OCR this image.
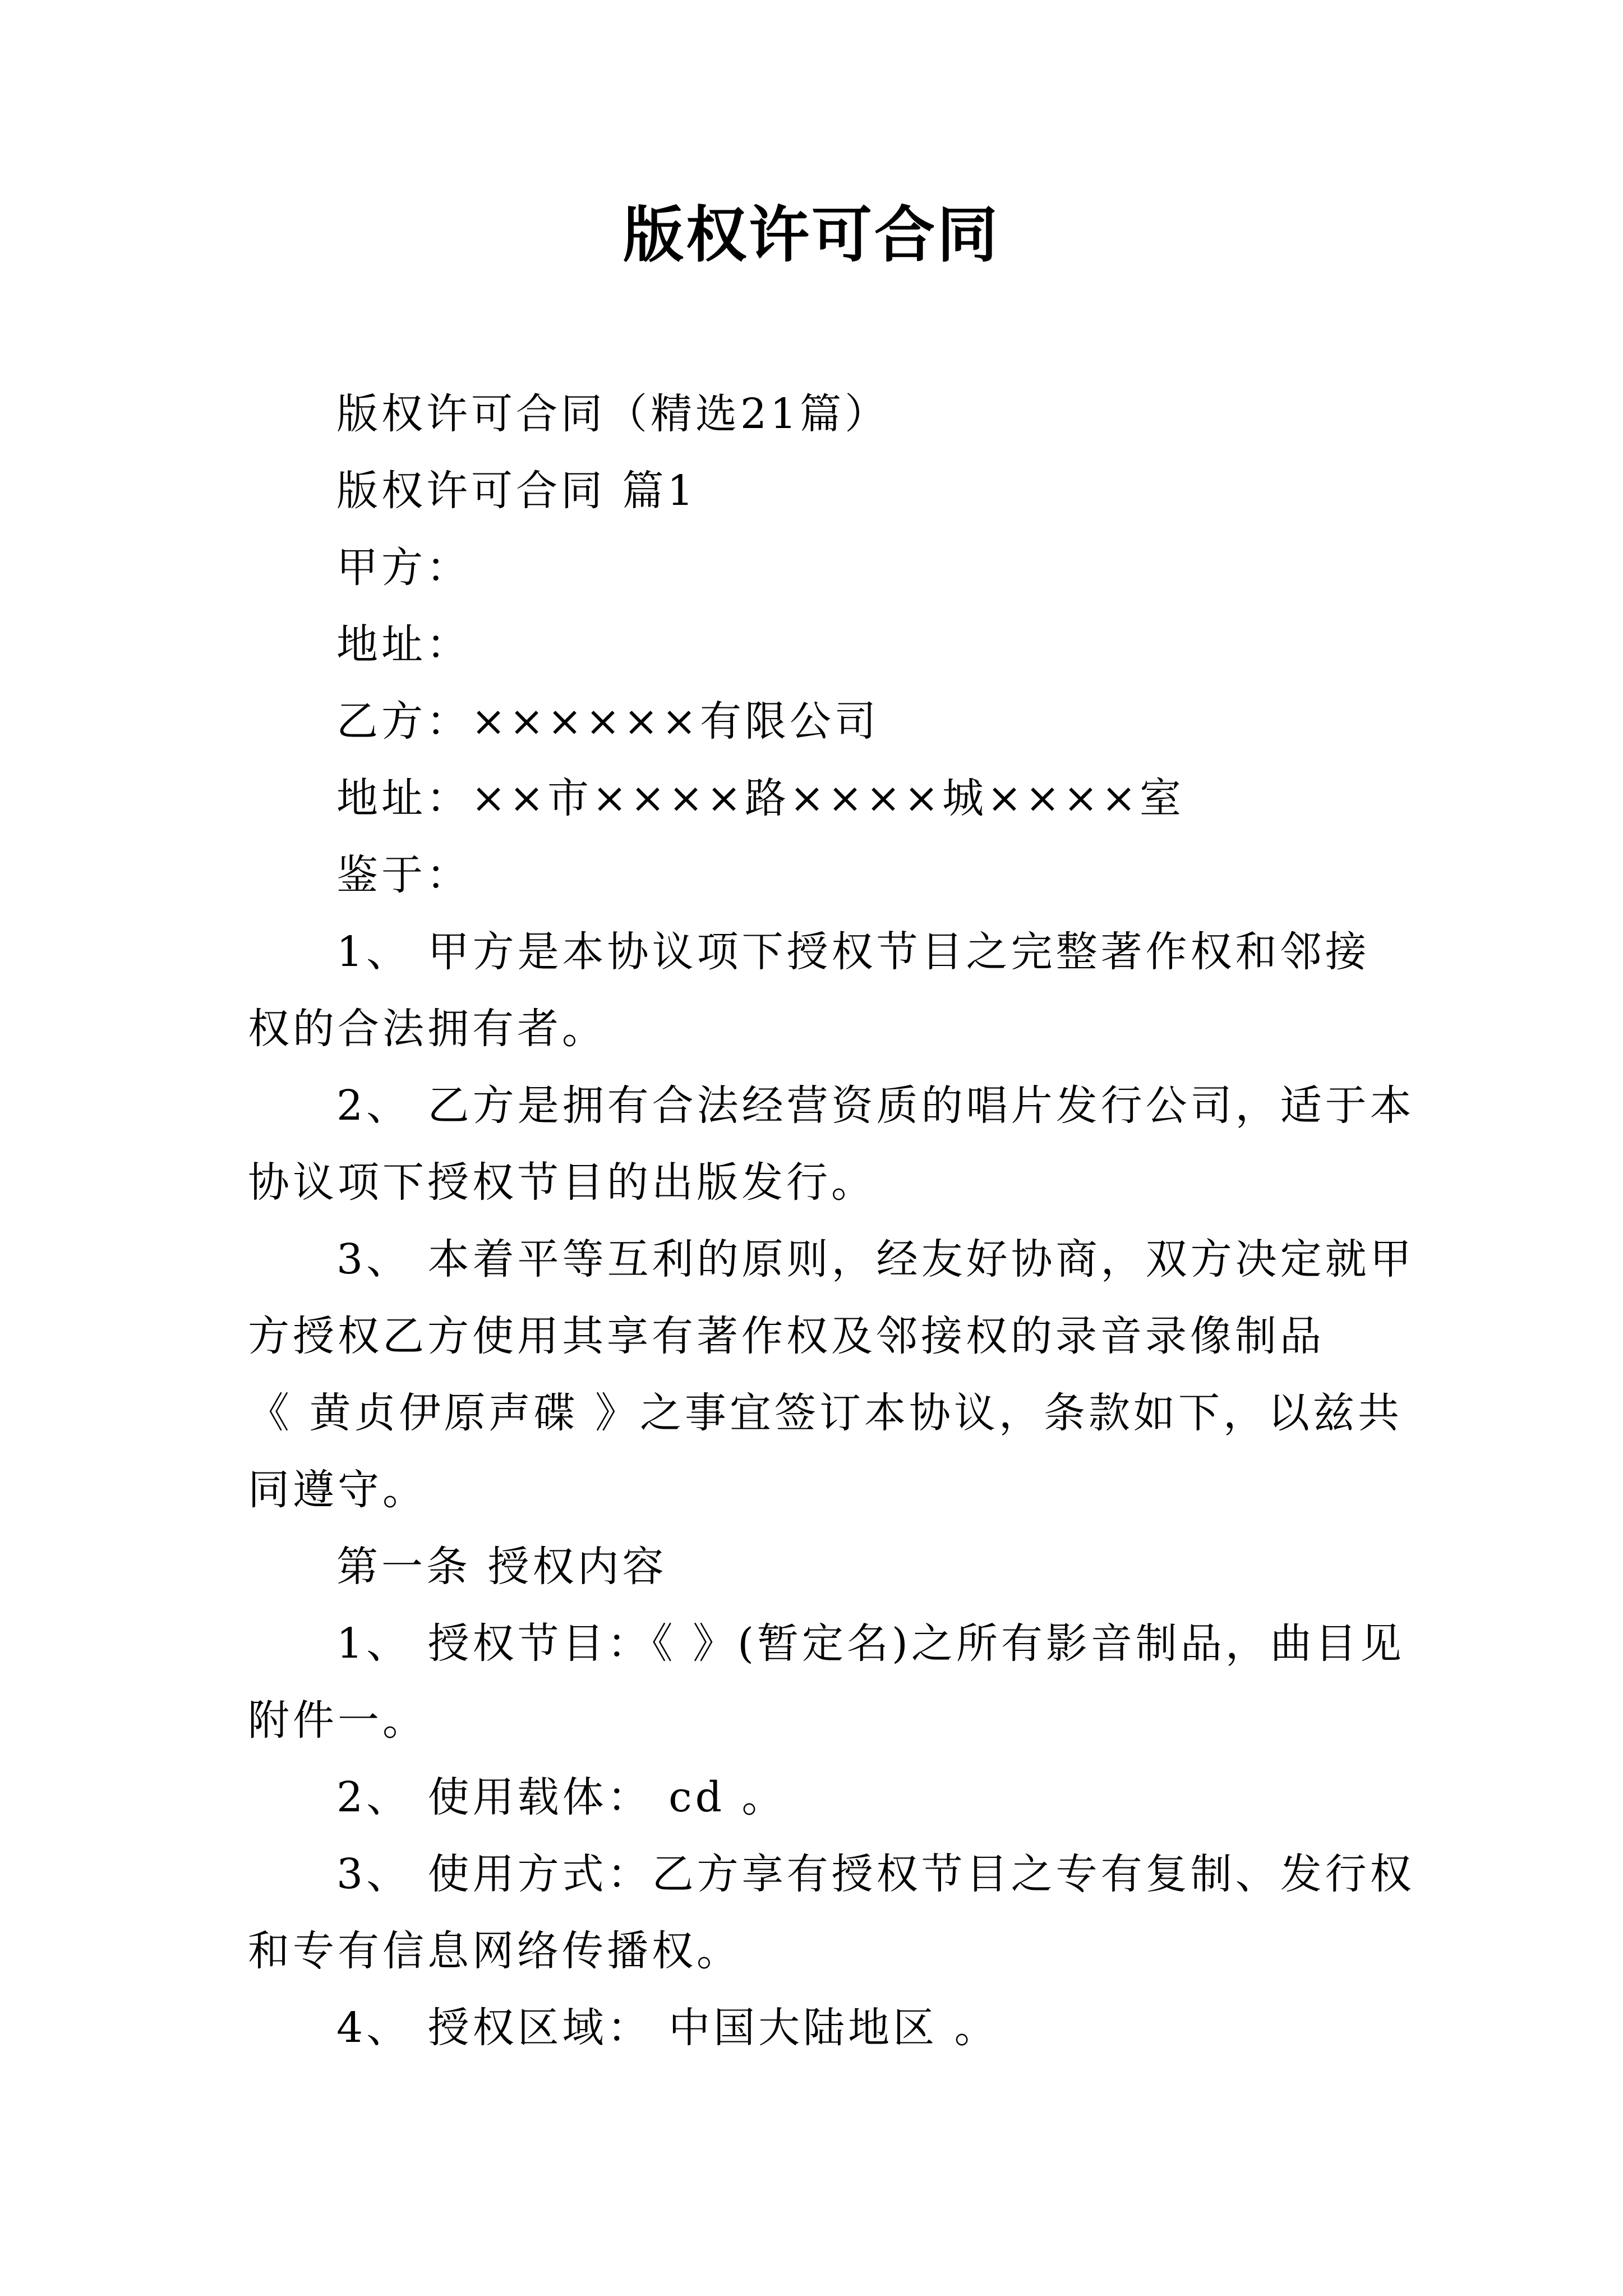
版权许可合同

版权许可合同（精选21篇）

版权许可合同 篇1

甲方：

地址：

乙方：××××××有限公司

地址：××市××××路××××城××××室

鉴于：

1、 甲方是本协议项下授权节目之完整著作权和邻接

权的合法拥有者。

2、 乙方是拥有合法经营资质的唱片发行公司，适于本

协议项下授权节目的出版发行。

3、 本着平等互利的原则，经友好协商，双方决定就甲

方授权乙方使用其享有著作权及邻接权的录音录像制品

《 黄贞伊原声碟 》之事宜签订本协议，条款如下，以兹共

同遵守。

第一条 授权内容

1、 授权节目：《 》(暂定名)之所有影音制品，曲目见

附件一。

2、 使用载体： cd 。

3、 使用方式：乙方享有授权节目之专有复制、发行权

和专有信息网络传播权。

4、 授权区域： 中国大陆地区 。
